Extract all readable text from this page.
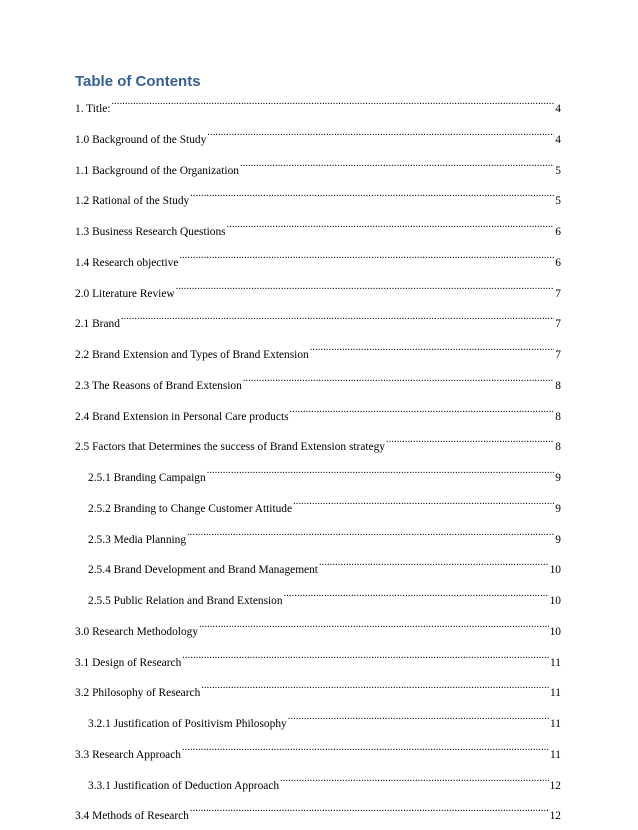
Table of Contents
1. Title: .....	4
1.0 Background of the Study .....	4
1.1 Background of the Organization .....	5
1.2 Rational of the Study .....	5
1.3 Business Research Questions .....	6
1.4 Research objective .....	6
2.0 Literature Review .....	7
2.1 Brand .....	7
2.2 Brand Extension and Types of Brand Extension .....	7
2.3 The Reasons of Brand Extension .....	8
2.4 Brand Extension in Personal Care products .....	8
2.5 Factors that Determines the success of Brand Extension strategy .....	8
2.5.1 Branding Campaign .....	9
2.5.2 Branding to Change Customer Attitude .....	9
2.5.3 Media Planning .....	9
2.5.4 Brand Development and Brand Management .....	10
2.5.5 Public Relation and Brand Extension .....	10
3.0 Research Methodology .....	10
3.1 Design of Research .....	11
3.2 Philosophy of Research .....	11
3.2.1 Justification of Positivism Philosophy .....	11
3.3 Research Approach .....	11
3.3.1 Justification of Deduction Approach .....	12
3.4 Methods of Research .....	12
